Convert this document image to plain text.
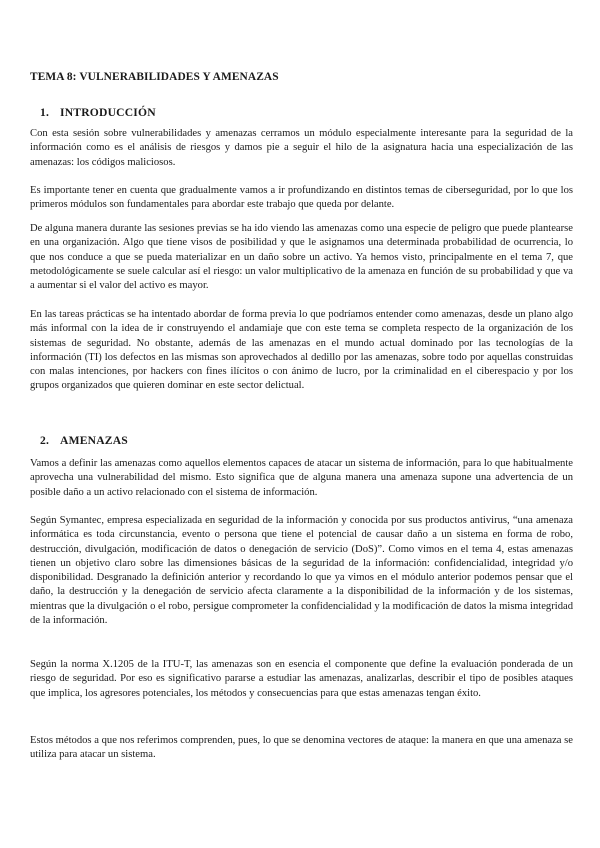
TEMA 8: VULNERABILIDADES Y AMENAZAS
1. INTRODUCCIÓN

Con esta sesión sobre vulnerabilidades y amenazas cerramos un módulo especialmente interesante para la seguridad de la información como es el análisis de riesgos y damos pie a seguir el hilo de la asignatura hacia una especialización de las amenazas: los códigos maliciosos.

Es importante tener en cuenta que gradualmente vamos a ir profundizando en distintos temas de ciberseguridad, por lo que los primeros módulos son fundamentales para abordar este trabajo que queda por delante.

De alguna manera durante las sesiones previas se ha ido viendo las amenazas como una especie de peligro que puede plantearse en una organización. Algo que tiene visos de posibilidad y que le asignamos una determinada probabilidad de ocurrencia, lo que nos conduce a que se pueda materializar en un daño sobre un activo. Ya hemos visto, principalmente en el tema 7, que metodológicamente se suele calcular así el riesgo: un valor multiplicativo de la amenaza en función de su probabilidad y que va a aumentar si el valor del activo es mayor.

En las tareas prácticas se ha intentado abordar de forma previa lo que podríamos entender como amenazas, desde un plano algo más informal con la idea de ir construyendo el andamiaje que con este tema se completa respecto de la organización de los sistemas de seguridad. No obstante, además de las amenazas en el mundo actual dominado por las tecnologías de la información (TI) los defectos en las mismas son aprovechados al dedillo por las amenazas, sobre todo por aquellas construidas con malas intenciones, por hackers con fines ilícitos o con ánimo de lucro, por la criminalidad en el ciberespacio y por los grupos organizados que quieren dominar en este sector delictual.

2. AMENAZAS

Vamos a definir las amenazas como aquellos elementos capaces de atacar un sistema de información, para lo que habitualmente aprovecha una vulnerabilidad del mismo. Esto significa que de alguna manera una amenaza supone una advertencia de un posible daño a un activo relacionado con el sistema de información.

Según Symantec, empresa especializada en seguridad de la información y conocida por sus productos antivirus, “una amenaza informática es toda circunstancia, evento o persona que tiene el potencial de causar daño a un sistema en forma de robo, destrucción, divulgación, modificación de datos o denegación de servicio (DoS)”. Como vimos en el tema 4, estas amenazas tienen un objetivo claro sobre las dimensiones básicas de la seguridad de la información: confidencialidad, integridad y/o disponibilidad. Desgranado la definición anterior y recordando lo que ya vimos en el módulo anterior podemos pensar que el daño, la destrucción y la denegación de servicio afecta claramente a la disponibilidad de la información y de los sistemas, mientras que la divulgación o el robo, persigue comprometer la confidencialidad y la modificación de datos la misma integridad de la información.

Según la norma X.1205 de la ITU-T, las amenazas son en esencia el componente que define la evaluación ponderada de un riesgo de seguridad. Por eso es significativo pararse a estudiar las amenazas, analizarlas, describir el tipo de posibles ataques que implica, los agresores potenciales, los métodos y consecuencias para que estas amenazas tengan éxito.

Estos métodos a que nos referimos comprenden, pues, lo que se denomina vectores de ataque: la manera en que una amenaza se utiliza para atacar un sistema.
